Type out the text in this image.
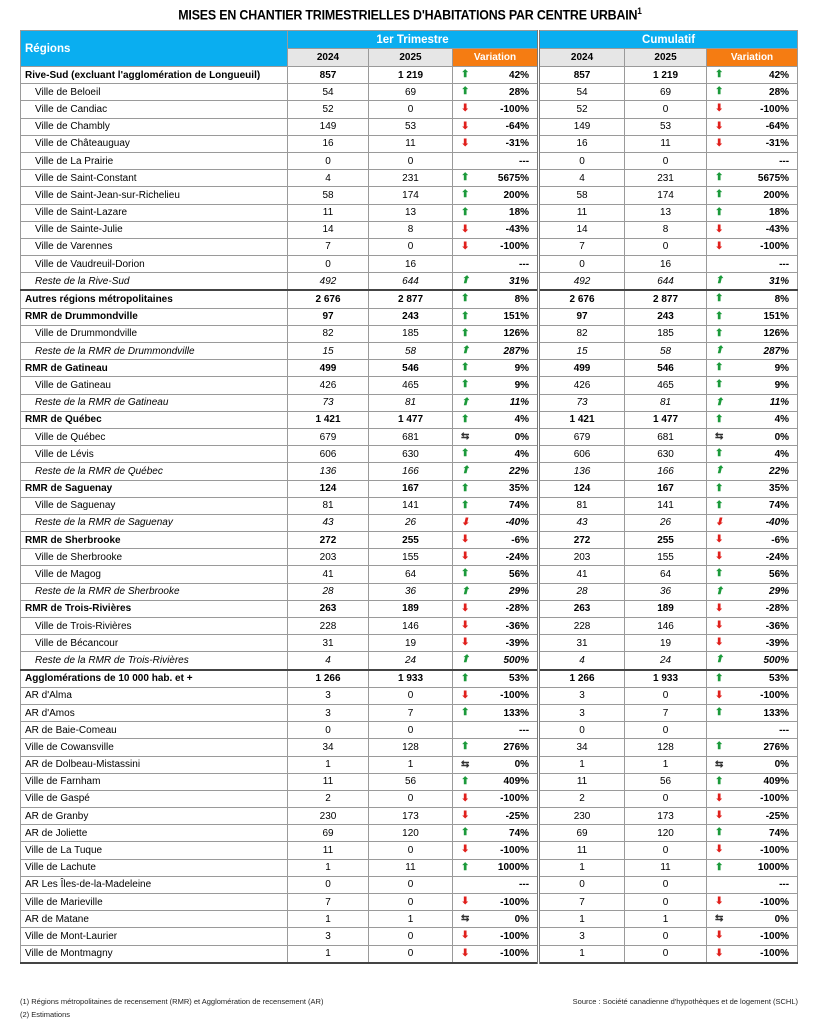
MISES EN CHANTIER TRIMESTRIELLES D'HABITATIONS PAR CENTRE URBAIN$^1$
Régions	1er Trimestre			Cumulatif		
	2024	2025	Variation	2024	2025	Variation
Rive-Sud (excluant l'agglomération de Longueuil)	857	1 219	⬆ 42%	857	1 219	⬆ 42%
Ville de Beloeil	54	69	⬆ 28%	54	69	⬆ 28%
Ville de Candiac	52	0	⬇ -100%	52	0	⬇ -100%
Ville de Chambly	149	53	⬇ -64%	149	53	⬇ -64%
Ville de Châteauguay	16	11	⬇ -31%	16	11	⬇ -31%
Ville de La Prairie	0	0	---	0	0	---
Ville de Saint-Constant	4	231	⬆ 5675%	4	231	⬆ 5675%
Ville de Saint-Jean-sur-Richelieu	58	174	⬆ 200%	58	174	⬆ 200%
Ville de Saint-Lazare	11	13	⬆ 18%	11	13	⬆ 18%
Ville de Sainte-Julie	14	8	⬇ -43%	14	8	⬇ -43%
Ville de Varennes	7	0	⬇ -100%	7	0	⬇ -100%
Ville de Vaudreuil-Dorion	0	16	---	0	16	---
Reste de la Rive-Sud	492	644	⬆ 31%	492	644	⬆ 31%
Autres régions métropolitaines	2 676	2 877	⬆ 8%	2 676	2 877	⬆ 8%
RMR de Drummondville	97	243	⬆ 151%	97	243	⬆ 151%
Ville de Drummondville	82	185	⬆ 126%	82	185	⬆ 126%
Reste de la RMR de Drummondville	15	58	⬆ 287%	15	58	⬆ 287%
RMR de Gatineau	499	546	⬆ 9%	499	546	⬆ 9%
Ville de Gatineau	426	465	⬆ 9%	426	465	⬆ 9%
Reste de la RMR de Gatineau	73	81	⬆ 11%	73	81	⬆ 11%
RMR de Québec	1 421	1 477	⬆ 4%	1 421	1 477	⬆ 4%
Ville de Québec	679	681	⇆ 0%	679	681	⇆ 0%
Ville de Lévis	606	630	⬆ 4%	606	630	⬆ 4%
Reste de la RMR de Québec	136	166	⬆ 22%	136	166	⬆ 22%
RMR de Saguenay	124	167	⬆ 35%	124	167	⬆ 35%
Ville de Saguenay	81	141	⬆ 74%	81	141	⬆ 74%
Reste de la RMR de Saguenay	43	26	⬇ -40%	43	26	⬇ -40%
RMR de Sherbrooke	272	255	⬇ -6%	272	255	⬇ -6%
Ville de Sherbrooke	203	155	⬇ -24%	203	155	⬇ -24%
Ville de Magog	41	64	⬆ 56%	41	64	⬆ 56%
Reste de la RMR de Sherbrooke	28	36	⬆ 29%	28	36	⬆ 29%
RMR de Trois-Rivières	263	189	⬇ -28%	263	189	⬇ -28%
Ville de Trois-Rivières	228	146	⬇ -36%	228	146	⬇ -36%
Ville de Bécancour	31	19	⬇ -39%	31	19	⬇ -39%
Reste de la RMR de Trois-Rivières	4	24	⬆ 500%	4	24	⬆ 500%
Agglomérations de 10 000 hab. et +	1 266	1 933	⬆ 53%	1 266	1 933	⬆ 53%
AR d'Alma	3	0	⬇ -100%	3	0	⬇ -100%
AR d'Amos	3	7	⬆ 133%	3	7	⬆ 133%
AR de Baie-Comeau	0	0	---	0	0	---
Ville de Cowansville	34	128	⬆ 276%	34	128	⬆ 276%
AR de Dolbeau-Mistassini	1	1	⇆ 0%	1	1	⇆ 0%
Ville de Farnham	11	56	⬆ 409%	11	56	⬆ 409%
Ville de Gaspé	2	0	⬇ -100%	2	0	⬇ -100%
AR de Granby	230	173	⬇ -25%	230	173	⬇ -25%
AR de Joliette	69	120	⬆ 74%	69	120	⬆ 74%
Ville de La Tuque	11	0	⬇ -100%	11	0	⬇ -100%
Ville de Lachute	1	11	⬆ 1000%	1	11	⬆ 1000%
AR Les Îles-de-la-Madeleine	0	0	---	0	0	---
Ville de Marieville	7	0	⬇ -100%	7	0	⬇ -100%
AR de Matane	1	1	⇆ 0%	1	1	⇆ 0%
Ville de Mont-Laurier	3	0	⬇ -100%	3	0	⬇ -100%
Ville de Montmagny	1	0	⬇ -100%	1	0	⬇ -100%
(1) Régions métropolitaines de recensement (RMR) et Agglomération de recensement (AR)
(2) Estimations
Source : Société canadienne d'hypothèques et de logement (SCHL)
